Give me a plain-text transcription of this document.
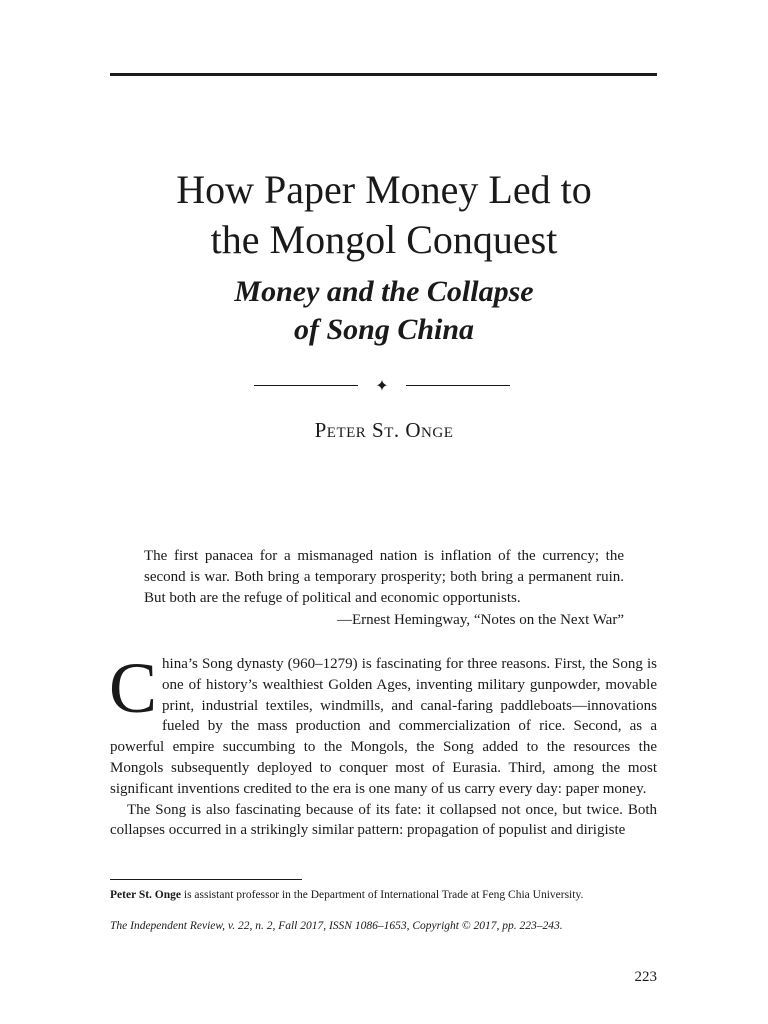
How Paper Money Led to
the Mongol Conquest
Money and the Collapse
of Song China
✦

Peter St. Onge

The first panacea for a mismanaged nation is inflation of the currency; the second is war. Both bring a temporary prosperity; both bring a permanent ruin. But both are the refuge of political and economic opportunists.

—Ernest Hemingway, “Notes on the Next War”

China’s Song dynasty (960–1279) is fascinating for three reasons. First, the Song is one of history’s wealthiest Golden Ages, inventing military gunpowder, movable print, industrial textiles, windmills, and canal-faring paddleboats—innovations fueled by the mass production and commercialization of rice. Second, as a powerful empire succumbing to the Mongols, the Song added to the resources the Mongols subsequently deployed to conquer most of Eurasia. Third, among the most significant inventions credited to the era is one many of us carry every day: paper money.

The Song is also fascinating because of its fate: it collapsed not once, but twice. Both collapses occurred in a strikingly similar pattern: propagation of populist and dirigiste

Peter St. Onge is assistant professor in the Department of International Trade at Feng Chia University.

The Independent Review, v. 22, n. 2, Fall 2017, ISSN 1086–1653, Copyright © 2017, pp. 223–243.

223
